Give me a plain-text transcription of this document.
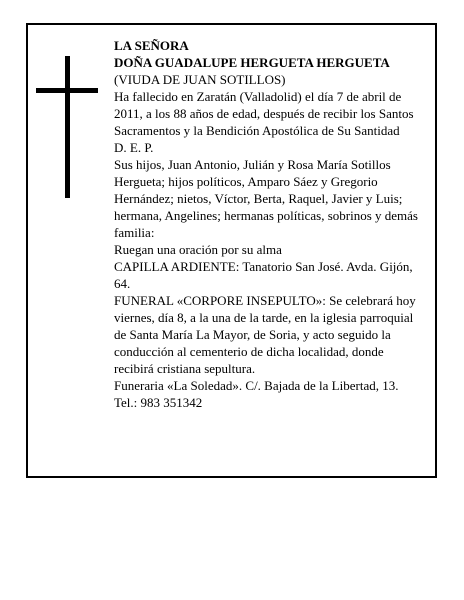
LA SEÑORA

DOÑA GUADALUPE HERGUETA HERGUETA

(VIUDA DE JUAN SOTILLOS)

Ha fallecido en Zaratán (Valladolid) el día 7 de abril de 2011, a los 88 años de edad, después de recibir los Santos Sacramentos y la Bendición Apostólica de Su Santidad

D. E. P.

Sus hijos, Juan Antonio, Julián y Rosa María Sotillos Hergueta; hijos políticos, Amparo Sáez y Gregorio Hernández; nietos, Víctor, Berta, Raquel, Javier y Luis; hermana, Angelines; hermanas políticas, sobrinos y demás familia:

Ruegan una oración por su alma

CAPILLA ARDIENTE: Tanatorio San José. Avda. Gijón, 64.

FUNERAL «CORPORE INSEPULTO»: Se celebrará hoy viernes, día 8, a la una de la tarde, en la iglesia parroquial de Santa María La Mayor, de Soria, y acto seguido la conducción al cementerio de dicha localidad, donde recibirá cristiana sepultura.

Funeraria «La Soledad». C/. Bajada de la Libertad, 13.

Tel.: 983 351342
